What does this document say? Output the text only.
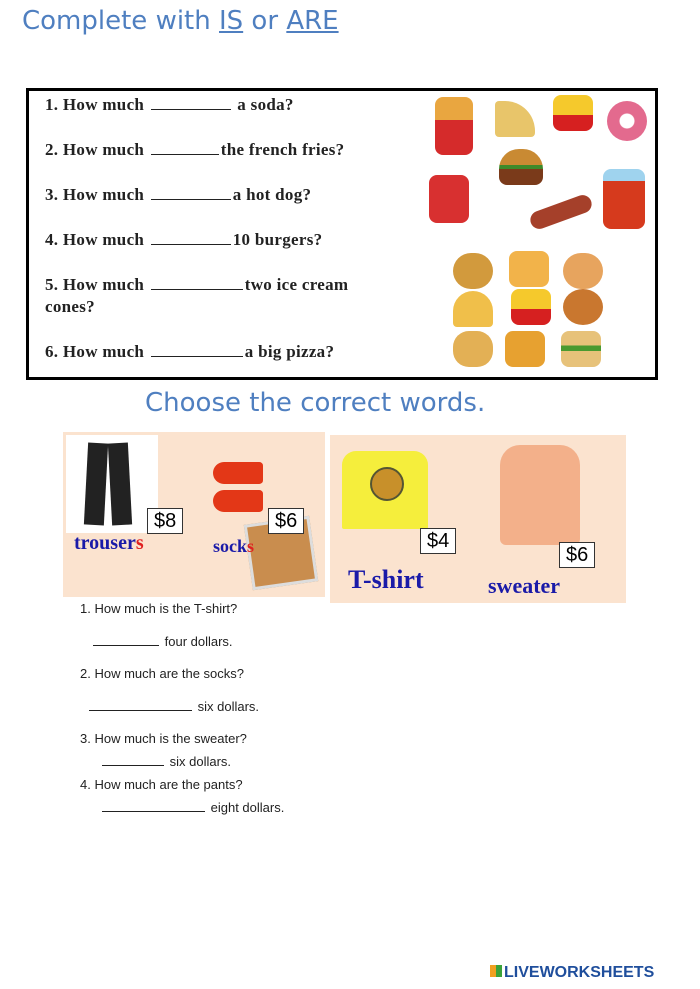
Complete with IS or ARE
1. How much	a soda?
2. How much	the french fries?
3. How much	a hot dog?
4. How much	10 burgers?
5. How much	two ice cream
cones?
6. How much	a big pizza?
Choose the correct words.
$8	$6
trousers	socks	$4
$6
T-shirt	sweater
1. How much is the T-shirt?
four dollars.
2. How much are the socks?
six dollars.
3. How much is the sweater?
six dollars.
4. How much are the pants?
eight dollars.
LIVEWORKSHEETS
